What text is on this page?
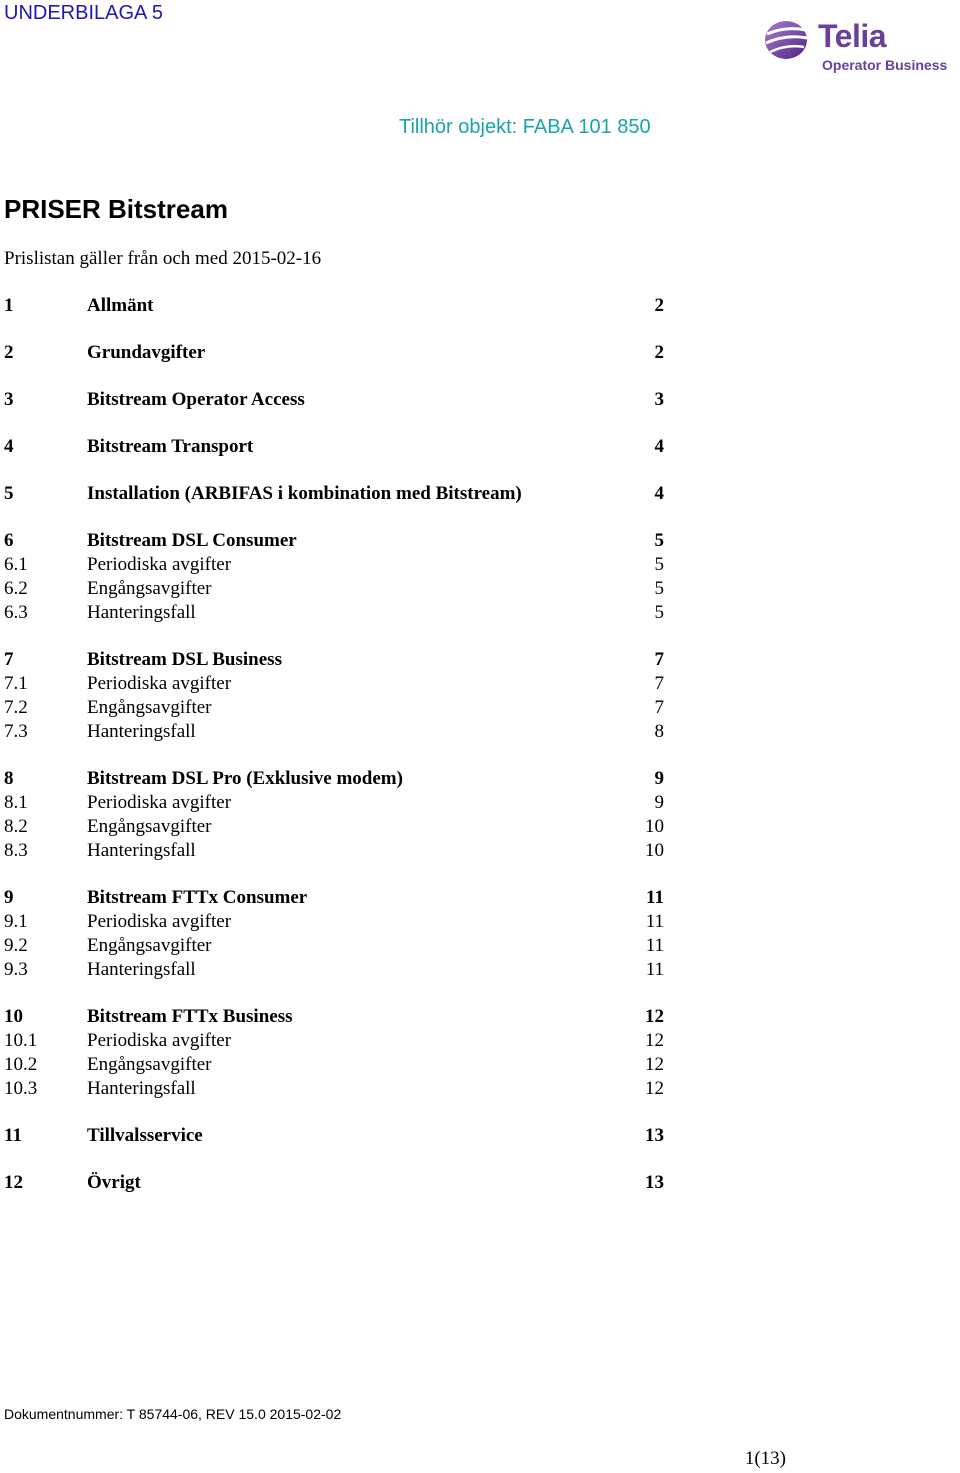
UNDERBILAGA 5
Telia
Operator Business
Tillhör objekt: FABA 101 850
PRISER Bitstream
Prislistan gäller från och med 2015-02-16
1	Allmänt	2
2	Grundavgifter	2
3	Bitstream Operator Access	3
4	Bitstream Transport	4
5	Installation (ARBIFAS i kombination med Bitstream)	4
6	Bitstream DSL Consumer	5
6.1	Periodiska avgifter	5
6.2	Engångsavgifter	5
6.3	Hanteringsfall	5
7	Bitstream DSL Business	7
7.1	Periodiska avgifter	7
7.2	Engångsavgifter	7
7.3	Hanteringsfall	8
8	Bitstream DSL Pro (Exklusive modem)	9
8.1	Periodiska avgifter	9
8.2	Engångsavgifter	10
8.3	Hanteringsfall	10
9	Bitstream FTTx Consumer	11
9.1	Periodiska avgifter	11
9.2	Engångsavgifter	11
9.3	Hanteringsfall	11
10	Bitstream FTTx Business	12
10.1	Periodiska avgifter	12
10.2	Engångsavgifter	12
10.3	Hanteringsfall	12
11	Tillvalsservice	13
12	Övrigt	13
Dokumentnummer: T 85744-06, REV 15.0 2015-02-02
1(13)
